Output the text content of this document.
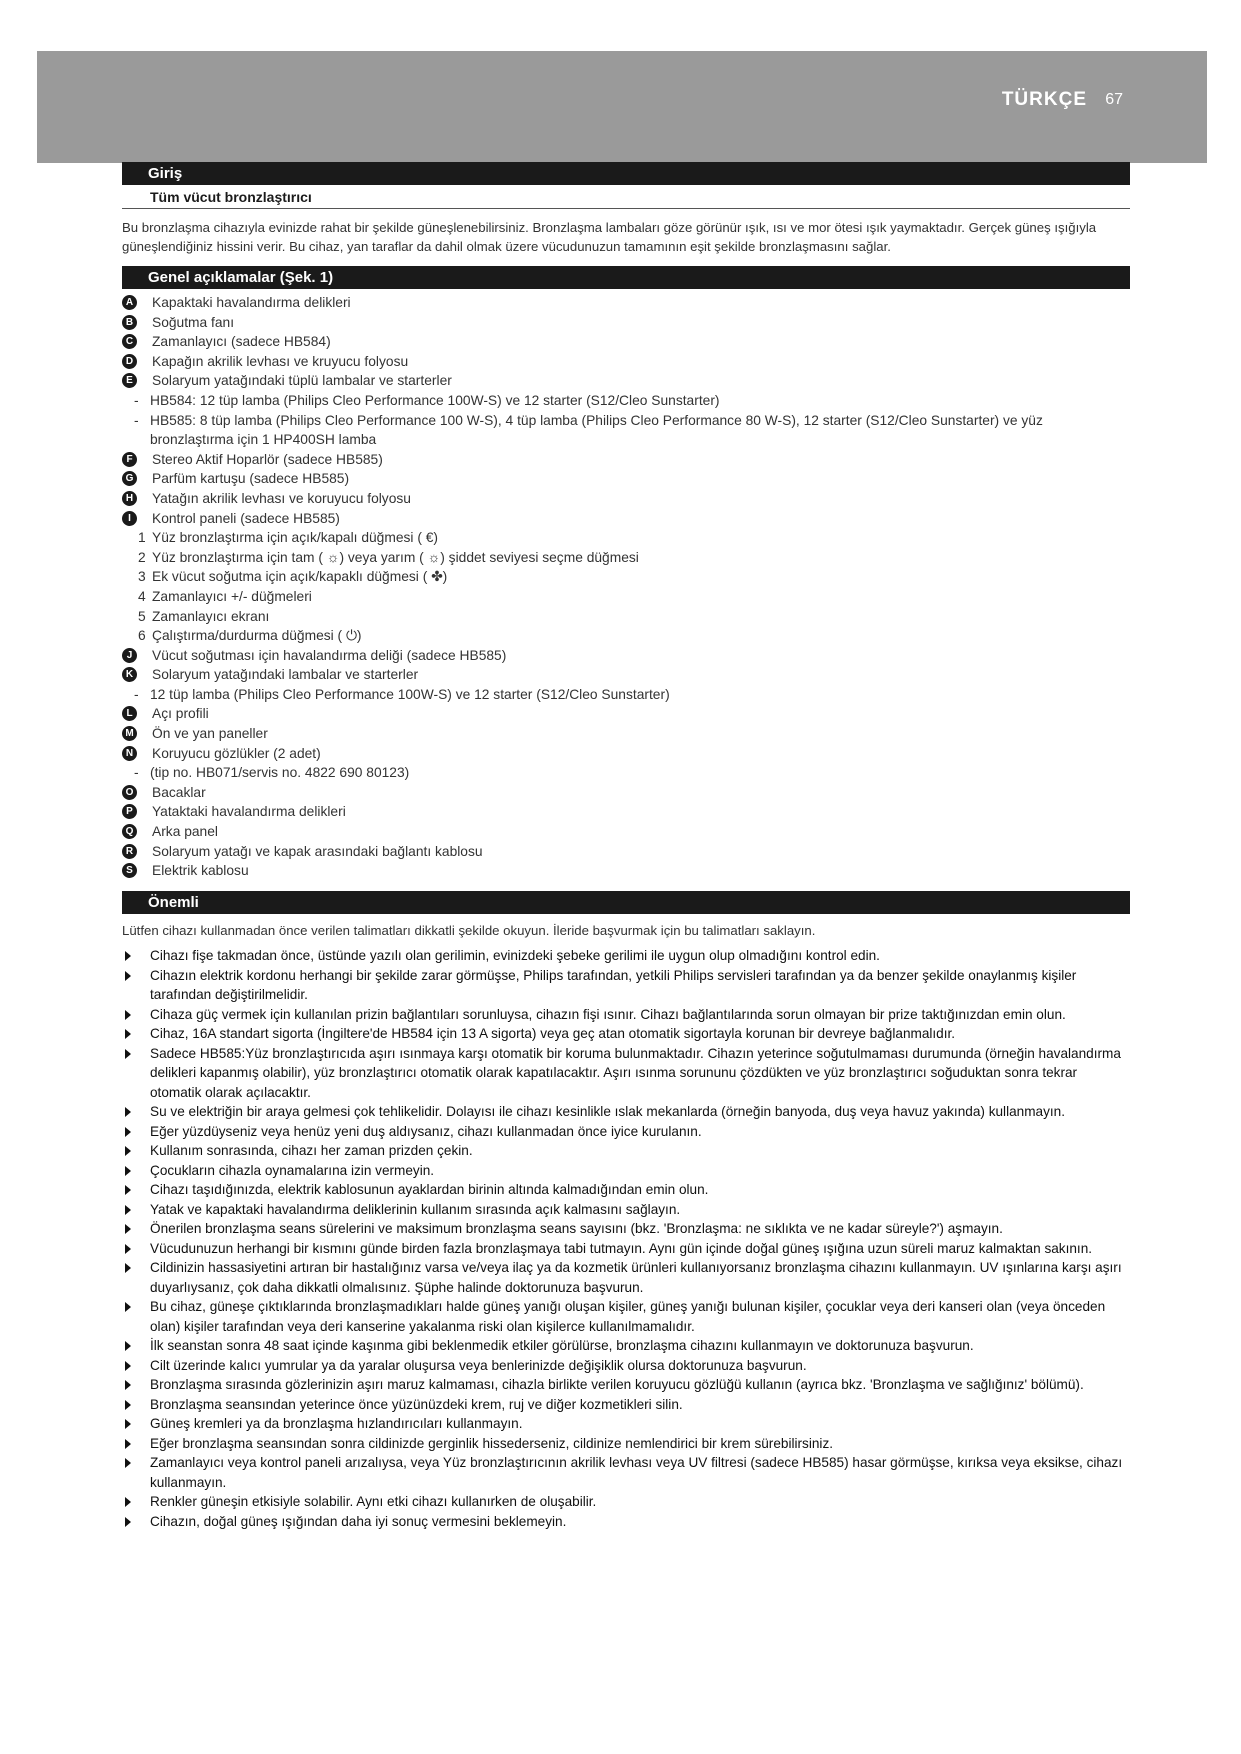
TÜRKÇE 67
Giriş
Tüm vücut bronzlaştırıcı
Bu bronzlaşma cihazıyla evinizde rahat bir şekilde güneşlenebilirsiniz. Bronzlaşma lambaları göze görünür ışık, ısı ve mor ötesi ışık yaymaktadır. Gerçek güneş ışığıyla güneşlendiğiniz hissini verir. Bu cihaz, yan taraflar da dahil olmak üzere vücudunuzun tamamının eşit şekilde bronzlaşmasını sağlar.
Genel açıklamalar (Şek. 1)
A Kapaktaki havalandırma delikleri
B Soğutma fanı
C Zamanlayıcı (sadece HB584)
D Kapağın akrilik levhası ve kruyucu folyosu
E	Solaryum yatağındaki tüplü lambalar ve starterler
- HB584: 12 tüp lamba (Philips Cleo Performance 100W-S) ve 12 starter (S12/Cleo Sunstarter)
- HB585: 8 tüp lamba (Philips Cleo Performance 100 W-S), 4 tüp lamba (Philips Cleo Performance 80 W-S), 12 starter (S12/Cleo Sunstarter) ve yüz bronzlaştırma için 1 HP400SH lamba
F	Stereo Aktif Hoparlör (sadece HB585)
G Parfüm kartuşu (sadece HB585)
H Yatağın akrilik levhası ve koruyucu folyosu
I	Kontrol paneli (sadece HB585)
1 Yüz bronzlaştırma için açık/kapalı düğmesi ( €)
2 Yüz bronzlaştırma için tam ( ☼) veya yarım ( ☼) şiddet seviyesi seçme düğmesi
3 Ek vücut soğutma için açık/kapaklı düğmesi ( ✤)
4 Zamanlayıcı +/- düğmeleri
5 Zamanlayıcı ekranı
6 Çalıştırma/durdurma düğmesi ( ⏻)
J	Vücut soğutması için havalandırma deliği (sadece HB585)
K Solaryum yatağındaki lambalar ve starterler
- 12 tüp lamba (Philips Cleo Performance 100W-S) ve 12 starter (S12/Cleo Sunstarter)
L	Açı profili
M Ön ve yan paneller
N Koruyucu gözlükler (2 adet)
- (tip no. HB071/servis no. 4822 690 80123)
O Bacaklar
P	Yataktaki havalandırma delikleri
Q Arka panel
R Solaryum yatağı ve kapak arasındaki bağlantı kablosu
S	Elektrik kablosu
Önemli
Lütfen cihazı kullanmadan önce verilen talimatları dikkatli şekilde okuyun. İleride başvurmak için bu talimatları saklayın.
Cihazı fişe takmadan önce, üstünde yazılı olan gerilimin, evinizdeki şebeke gerilimi ile uygun olup olmadığını kontrol edin.
Cihazın elektrik kordonu herhangi bir şekilde zarar görmüşse, Philips tarafından, yetkili Philips servisleri tarafından ya da benzer şekilde onaylanmış kişiler tarafından değiştirilmelidir.
Cihaza güç vermek için kullanılan prizin bağlantıları sorunluysa, cihazın fişi ısınır. Cihazı bağlantılarında sorun olmayan bir prize taktığınızdan emin olun.
Cihaz, 16A standart sigorta (İngiltere'de HB584 için 13 A sigorta) veya geç atan otomatik sigortayla korunan bir devreye bağlanmalıdır.
Sadece HB585:Yüz bronzlaştırıcıda aşırı ısınmaya karşı otomatik bir koruma bulunmaktadır. Cihazın yeterince soğutulmaması durumunda (örneğin havalandırma delikleri kapanmış olabilir), yüz bronzlaştırıcı otomatik olarak kapatılacaktır. Aşırı ısınma sorununu çözdükten ve yüz bronzlaştırıcı soğuduktan sonra tekrar otomatik olarak açılacaktır.
Su ve elektriğin bir araya gelmesi çok tehlikelidir. Dolayısı ile cihazı kesinlikle ıslak mekanlarda (örneğin banyoda, duş veya havuz yakında) kullanmayın.
Eğer yüzdüyseniz veya henüz yeni duş aldıysanız, cihazı kullanmadan önce iyice kurulanın.
Kullanım sonrasında, cihazı her zaman prizden çekin.
Çocukların cihazla oynamalarına izin vermeyin.
Cihazı taşıdığınızda, elektrik kablosunun ayaklardan birinin altında kalmadığından emin olun.
Yatak ve kapaktaki havalandırma deliklerinin kullanım sırasında açık kalmasını sağlayın.
Önerilen bronzlaşma seans sürelerini ve maksimum bronzlaşma seans sayısını (bkz. 'Bronzlaşma: ne sıklıkta ve ne kadar süreyle?') aşmayın.
Vücudunuzun herhangi bir kısmını günde birden fazla bronzlaşmaya tabi tutmayın. Aynı gün içinde doğal güneş ışığına uzun süreli maruz kalmaktan sakının.
Cildinizin hassasiyetini artıran bir hastalığınız varsa ve/veya ilaç ya da kozmetik ürünleri kullanıyorsanız bronzlaşma cihazını kullanmayın. UV ışınlarına karşı aşırı duyarlıysanız, çok daha dikkatli olmalısınız. Şüphe halinde doktorunuza başvurun.
Bu cihaz, güneşe çıktıklarında bronzlaşmadıkları halde güneş yanığı oluşan kişiler, güneş yanığı bulunan kişiler, çocuklar veya deri kanseri olan (veya önceden olan) kişiler tarafından veya deri kanserine yakalanma riski olan kişilerce kullanılmamalıdır.
İlk seanstan sonra 48 saat içinde kaşınma gibi beklenmedik etkiler görülürse, bronzlaşma cihazını kullanmayın ve doktorunuza başvurun.
Cilt üzerinde kalıcı yumrular ya da yaralar oluşursa veya benlerinizde değişiklik olursa doktorunuza başvurun.
Bronzlaşma sırasında gözlerinizin aşırı maruz kalmaması, cihazla birlikte verilen koruyucu gözlüğü kullanın (ayrıca bkz. 'Bronzlaşma ve sağlığınız' bölümü).
Bronzlaşma seansından yeterince önce yüzünüzdeki krem, ruj ve diğer kozmetikleri silin.
Güneş kremleri ya da bronzlaşma hızlandırıcıları kullanmayın.
Eğer bronzlaşma seansından sonra cildinizde gerginlik hissederseniz, cildinize nemlendirici bir krem sürebilirsiniz.
Zamanlayıcı veya kontrol paneli arızalıysa, veya Yüz bronzlaştırıcının akrilik levhası veya UV filtresi (sadece HB585) hasar görmüşse, kırıksa veya eksikse, cihazı kullanmayın.
Renkler güneşin etkisiyle solabilir. Aynı etki cihazı kullanırken de oluşabilir.
Cihazın, doğal güneş ışığından daha iyi sonuç vermesini beklemeyin.
